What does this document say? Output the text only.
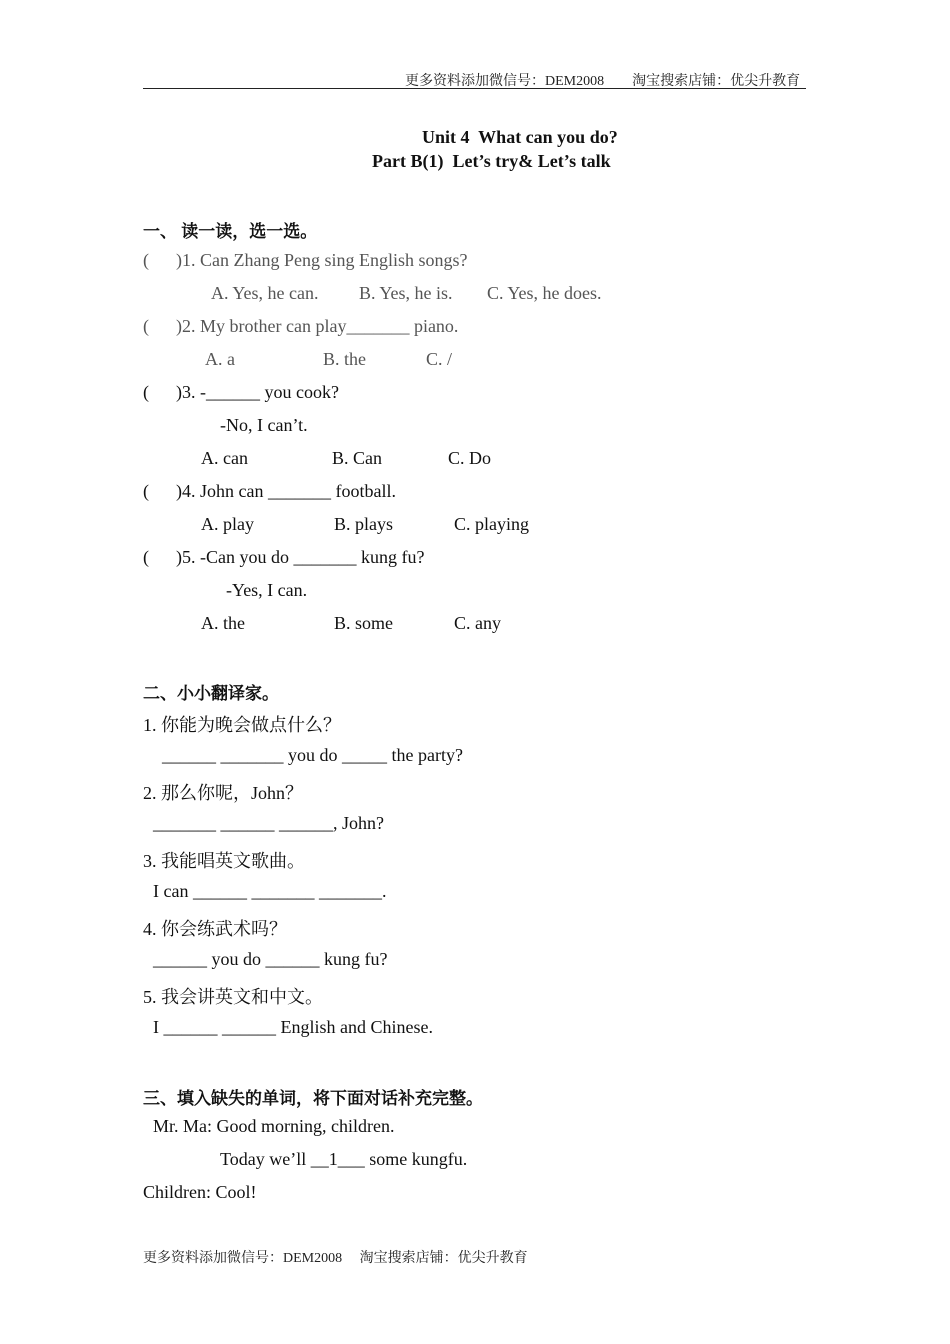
更多资料添加微信号：DEM2008　　淘宝搜索店铺：优尖升教育
Unit 4  What can you do?
Part B(1)  Let’s try& Let’s talk
一、 读一读，选一选。
(      )1. Can Zhang Peng sing English songs?
A. Yes, he can. B. Yes, he is. C. Yes, he does.
(      )2. My brother can play_______ piano.
A. a	B. the	C. /
(      )3. -______ you cook?
-No, I can’t.
A. can	B. Can	C. Do
(      )4. John can _______ football.
A. play	B. plays	C. playing
(      )5. -Can you do _______ kung fu?
-Yes, I can.
A. the	B. some	C. any
二、小小翻译家。
1. 你能为晚会做点什么？
______ _______ you do _____ the party?
2. 那么你呢，John？
_______ ______ ______, John?
3. 我能唱英文歌曲。
I can ______ _______ _______.
4. 你会练武术吗？
______ you do ______ kung fu?
5. 我会讲英文和中文。
I ______ ______ English and Chinese.
三、填入缺失的单词，将下面对话补充完整。
Mr. Ma: Good morning, children.
Today we’ll __1___ some kungfu.
Children: Cool!
更多资料添加微信号：DEM2008　 淘宝搜索店铺：优尖升教育
